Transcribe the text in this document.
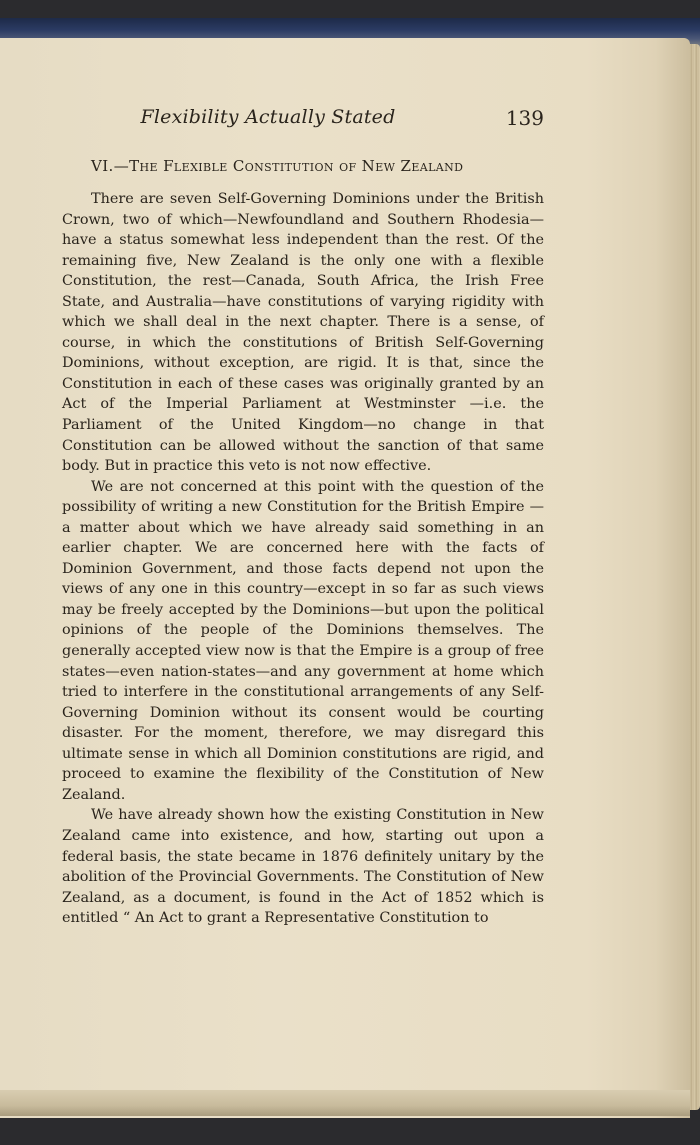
Flexibility Actually Stated	139
VI.—The Flexible Constitution of New Zealand

There are seven Self-Governing Dominions under the British Crown, two of which—Newfoundland and Southern Rhodesia—have a status somewhat less independent than the rest. Of the remaining five, New Zealand is the only one with a flexible Constitution, the rest—Canada, South Africa, the Irish Free State, and Australia—have constitutions of varying rigidity with which we shall deal in the next chapter. There is a sense, of course, in which the constitutions of British Self-Governing Dominions, without exception, are rigid. It is that, since the Constitution in each of these cases was originally granted by an Act of the Imperial Parliament at Westminster —i.e. the Parliament of the United Kingdom—no change in that Constitution can be allowed without the sanction of that same body. But in practice this veto is not now effective.

We are not concerned at this point with the question of the possibility of writing a new Constitution for the British Empire —a matter about which we have already said something in an earlier chapter. We are concerned here with the facts of Dominion Government, and those facts depend not upon the views of any one in this country—except in so far as such views may be freely accepted by the Dominions—but upon the political opinions of the people of the Dominions themselves. The generally accepted view now is that the Empire is a group of free states—even nation-states—and any government at home which tried to interfere in the constitutional arrangements of any Self-Governing Dominion without its consent would be courting disaster. For the moment, therefore, we may disregard this ultimate sense in which all Dominion constitutions are rigid, and proceed to examine the flexibility of the Constitution of New Zealand.

We have already shown how the existing Constitution in New Zealand came into existence, and how, starting out upon a federal basis, the state became in 1876 definitely unitary by the abolition of the Provincial Governments. The Constitution of New Zealand, as a document, is found in the Act of 1852 which is entitled “ An Act to grant a Representative Constitution to
